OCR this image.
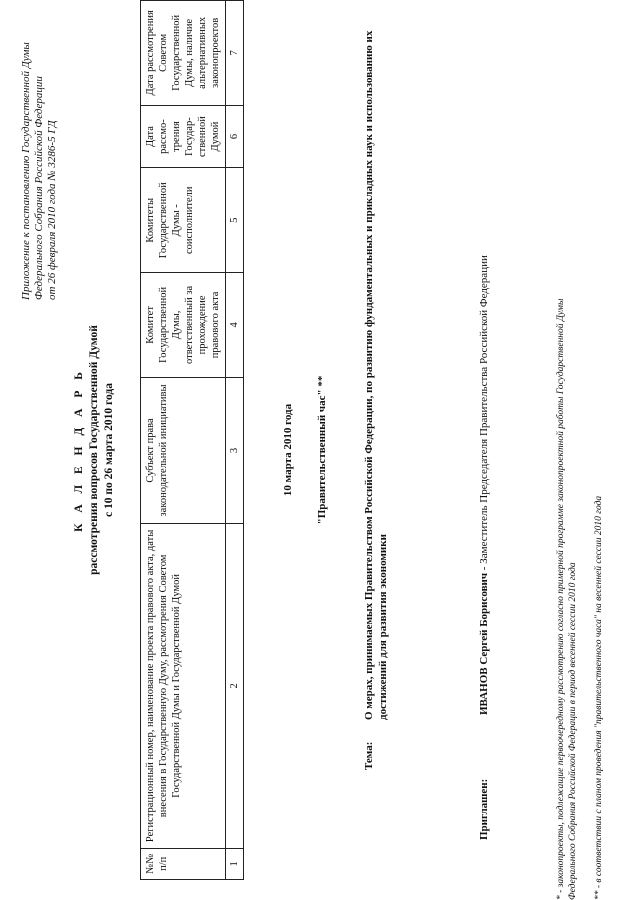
Приложение к постановлению Государственной Думы Федерального Собрания Российской Федерации от 26 февраля 2010 года № 3286-5 ГД
К А Л Е Н Д А Р Ь рассмотрения вопросов Государственной Думой с 10 по 26 марта 2010 года
№№ п/п	Регистрационный номер, наименование проекта правового акта, даты внесения в Государственную Думу, рассмотрения Советом Государственной Думы и Государственной Думой	Субъект права законодательной инициативы	Комитет Государственной Думы, ответственный за прохождение правового акта	Комитеты Государственной Думы - соисполнители	Дата рассмо-трения Государ-ственной Думой	Дата рассмотрения Советом Государственной Думы, наличие альтернативных законопроектов
1	2	3	4	5	6	7
10 марта 2010 года "Правительственный час" **
Тема:О мерах, принимаемых Правительством Российской Федерации, по развитию фундаментальных и прикладных наук и использованию их достижений для развития экономики
Приглашен:ИВАНОВ Сергей Борисович - Заместитель Председателя Правительства Российской Федерации	* - законопроекты, подлежащие первоочередному рассмотрению согласно примерной программе законопроектной работы Государственной Думы Федерального Собрания Российской Федерации в период весенней сессии 2010 года ** - в соответствии с планом проведения "правительственного часа" на весенней сессии 2010 года
